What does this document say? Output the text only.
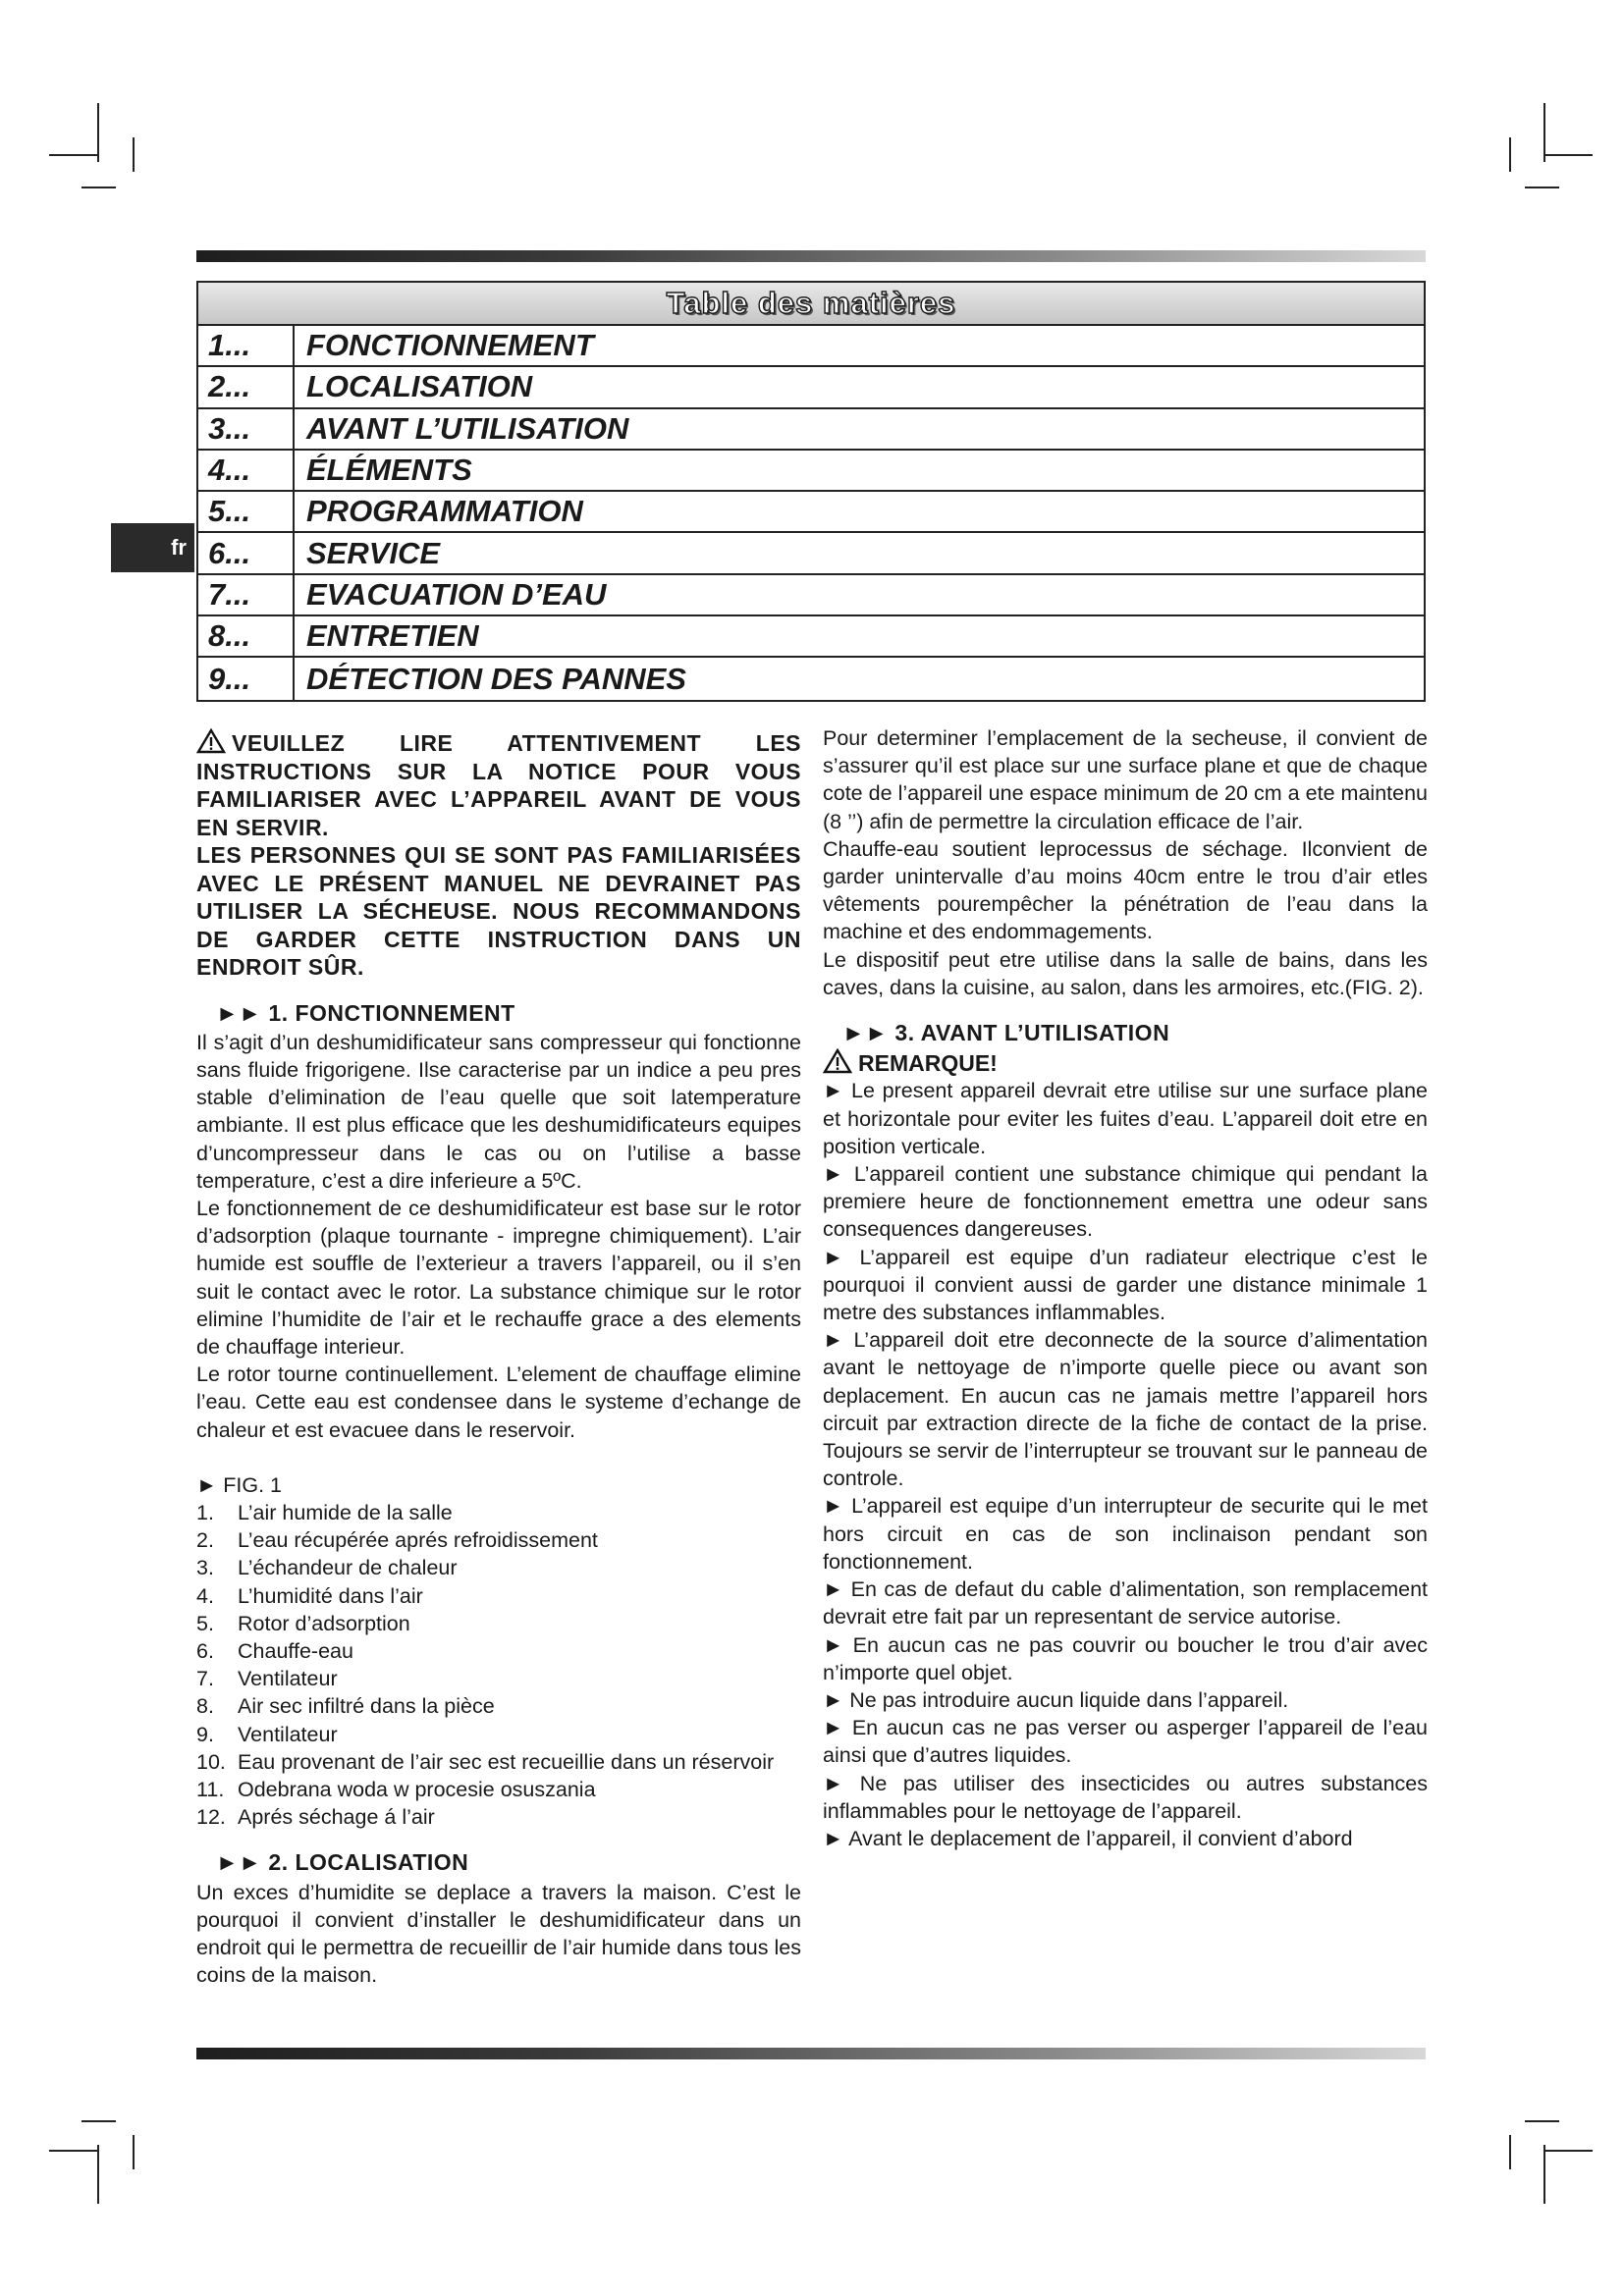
fr
Table des matières
1...	FONCTIONNEMENT
2...	LOCALISATION
3...	AVANT L’UTILISATION
4...	ÉLÉMENTS
5...	PROGRAMMATION
6...	SERVICE
7...	EVACUATION D’EAU
8...	ENTRETIEN
9...	DÉTECTION DES PANNES

VEUILLEZ LIRE ATTENTIVEMENT LES INSTRUCTIONS SUR LA NOTICE POUR VOUS FAMILIARISER AVEC L’APPAREIL AVANT DE VOUS EN SERVIR.

LES PERSONNES QUI SE SONT PAS FAMILIARISÉES AVEC LE PRÉSENT MANUEL NE DEVRAINET PAS UTILISER LA SÉCHEUSE. NOUS RECOMMANDONS DE GARDER CETTE INSTRUCTION DANS UN ENDROIT SÛR.

►► 1. FONCTIONNEMENT

Il s’agit d’un deshumidificateur sans compresseur qui fonctionne sans fluide frigorigene. Ilse caracterise par un indice a peu pres stable d’elimination de l’eau quelle que soit latemperature ambiante. Il est plus efficace que les deshumidificateurs equipes d’uncompresseur dans le cas ou on l’utilise a basse temperature, c’est a dire inferieure a 5ºC.

Le fonctionnement de ce deshumidificateur est base sur le rotor d’adsorption (plaque tournante - impregne chimiquement). L’air humide est souffle de l’exterieur a travers l’appareil, ou il s’en suit le contact avec le rotor. La substance chimique sur le rotor elimine l’humidite de l’air et le rechauffe grace a des elements de chauffage interieur.

Le rotor tourne continuellement. L’element de chauffage elimine l’eau. Cette eau est condensee dans le systeme d’echange de chaleur et est evacuee dans le reservoir.

► FIG. 1

1.	L’air humide de la salle
2.	L’eau récupérée aprés refroidissement
3.	L’échandeur de chaleur
4.	L’humidité dans l’air
5.	Rotor d’adsorption
6.	Chauffe-eau
7.	Ventilateur
8.	Air sec infiltré dans la pièce
9.	Ventilateur
10. Eau provenant de l’air sec est recueillie dans un réservoir
11. Odebrana woda w procesie osuszania
12. Aprés séchage á l’air
►► 2. LOCALISATION

Un exces d’humidite se deplace a travers la maison. C’est le pourquoi il convient d’installer le deshumidificateur dans un endroit qui le permettra de recueillir de l’air humide dans tous les coins de la maison.

Pour determiner l’emplacement de la secheuse, il convient de s’assurer qu’il est place sur une surface plane et que de chaque cote de l’appareil une espace minimum de 20 cm a ete maintenu (8 ’’) afin de permettre la circulation efficace de l’air.

Chauffe-eau soutient leprocessus de séchage. Ilconvient de garder unintervalle d’au moins 40cm entre le trou d’air etles vêtements pourempêcher la pénétration de l’eau dans la machine et des endommagements.

Le dispositif peut etre utilise dans la salle de bains, dans les caves, dans la cuisine, au salon, dans les armoires, etc.(FIG. 2).

►► 3. AVANT L’UTILISATION

REMARQUE!

► Le present appareil devrait etre utilise sur une surface plane et horizontale pour eviter les fuites d’eau. L’appareil doit etre en position verticale.

► L’appareil contient une substance chimique qui pendant la premiere heure de fonctionnement emettra une odeur sans consequences dangereuses.

► L’appareil est equipe d’un radiateur electrique c’est le pourquoi il convient aussi de garder une distance minimale 1 metre des substances inflammables.

► L’appareil doit etre deconnecte de la source d’alimentation avant le nettoyage de n’importe quelle piece ou avant son deplacement. En aucun cas ne jamais mettre l’appareil hors circuit par extraction directe de la fiche de contact de la prise. Toujours se servir de l’interrupteur se trouvant sur le panneau de controle.

► L’appareil est equipe d’un interrupteur de securite qui le met hors circuit en cas de son inclinaison pendant son fonctionnement.

► En cas de defaut du cable d’alimentation, son remplacement devrait etre fait par un representant de service autorise.

► En aucun cas ne pas couvrir ou boucher le trou d’air avec n’importe quel objet.

► Ne pas introduire aucun liquide dans l’appareil.

► En aucun cas ne pas verser ou asperger l’appareil de l’eau ainsi que d’autres liquides.

► Ne pas utiliser des insecticides ou autres substances inflammables pour le nettoyage de l’appareil.

► Avant le deplacement de l’appareil, il convient d’abord
